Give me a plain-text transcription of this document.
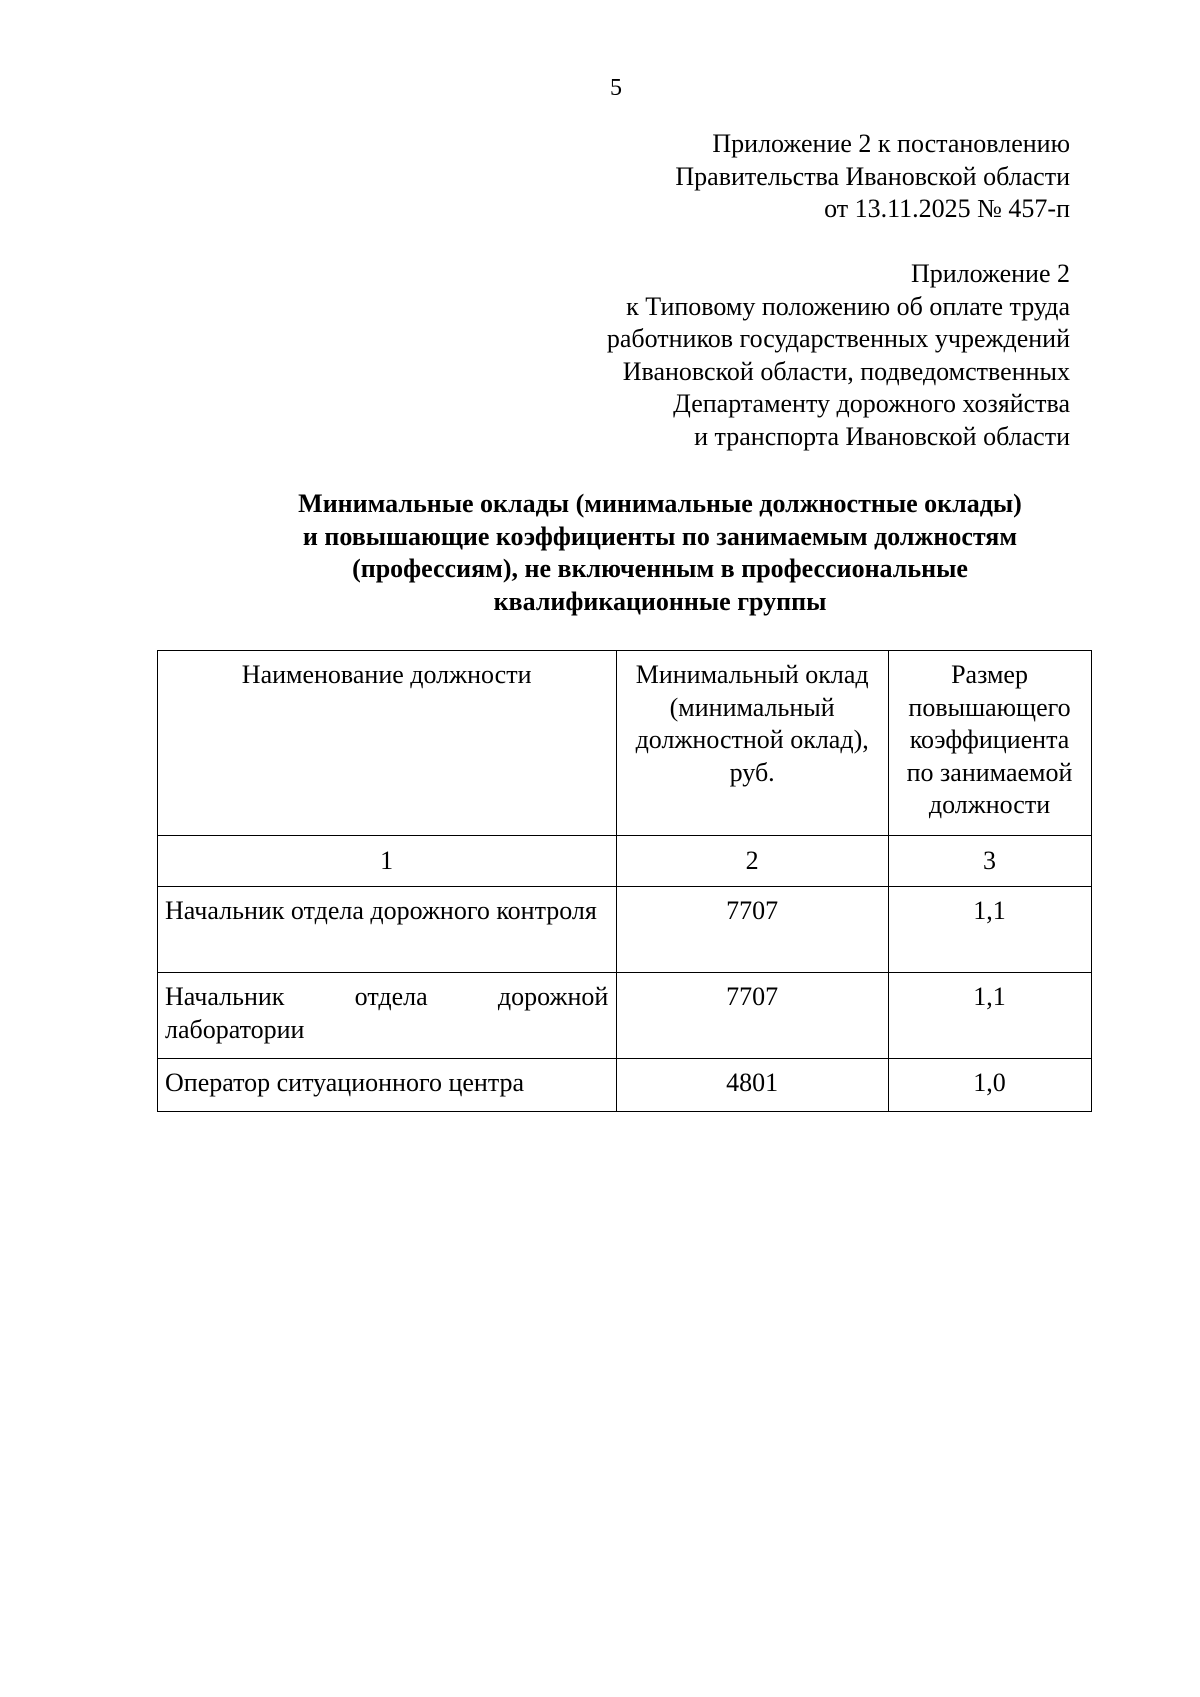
5
Приложение 2 к постановлению
Правительства Ивановской области
от 13.11.2025 № 457-п
Приложение 2
к Типовому положению об оплате труда
работников государственных учреждений
Ивановской области, подведомственных
Департаменту дорожного хозяйства
и транспорта Ивановской области
Минимальные оклады (минимальные должностные оклады)
и повышающие коэффициенты по занимаемым должностям
(профессиям), не включенным в профессиональные
квалификационные группы
Наименование должности	Минимальный оклад (минимальный должностной оклад), руб.	Размер повышающего коэффициента по занимаемой должности
1	2	3
Начальник отдела дорожного контроля	7707	1,1
Начальник отдела дорожной лаборатории	7707	1,1
Оператор ситуационного центра	4801	1,0
